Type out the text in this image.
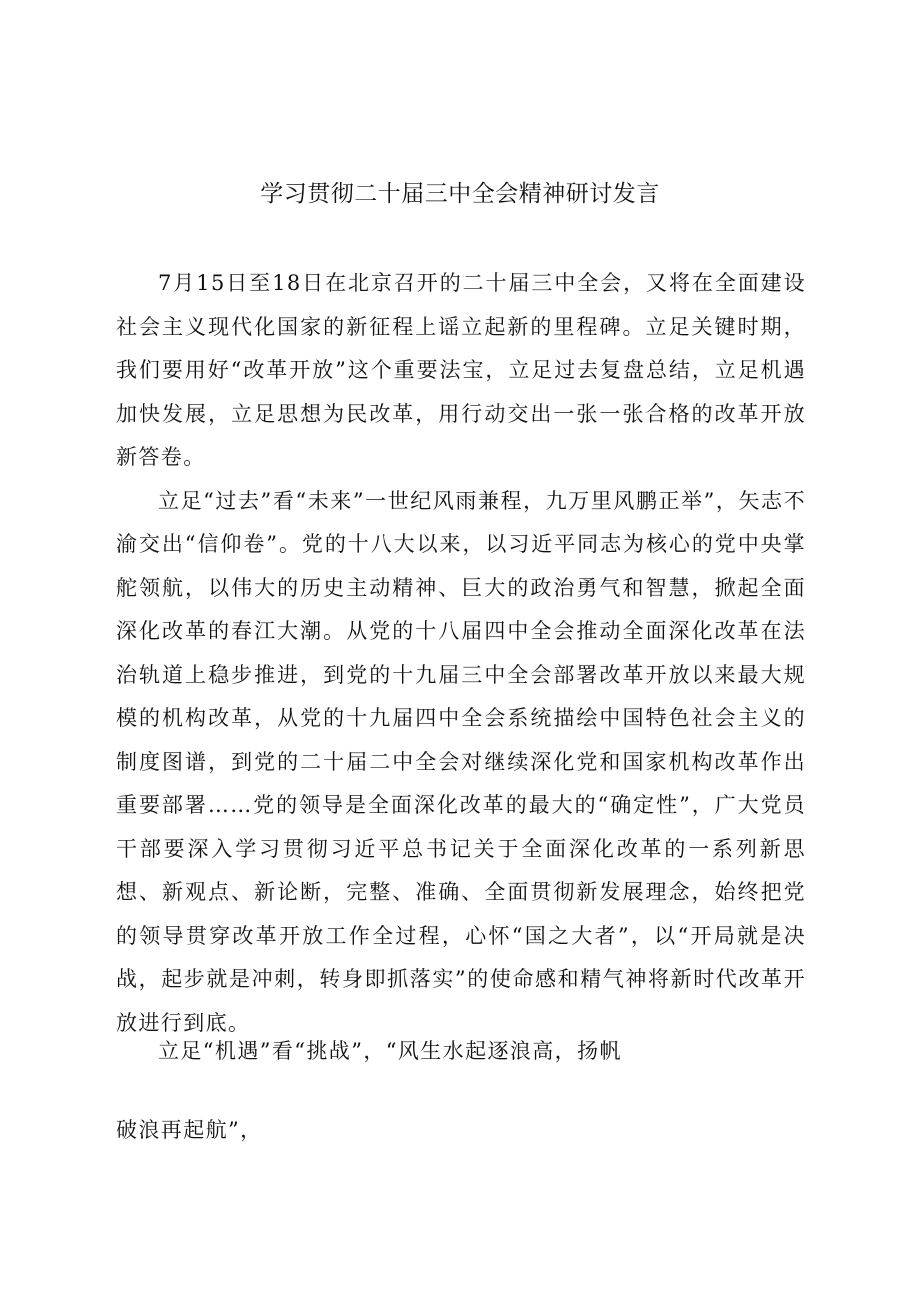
学习贯彻二十届三中全会精神研讨发言

7月15日至18日在北京召开的二十届三中全会，又将在全面建设社会主义现代化国家的新征程上谣立起新的里程碑。立足关键时期，我们要用好“改革开放”这个重要法宝，立足过去复盘总结，立足机遇加快发展，立足思想为民改革，用行动交出一张一张合格的改革开放新答卷。

立足“过去”看“未来”一世纪风雨兼程，九万里风鹏正举”，矢志不渝交出“信仰卷”。党的十八大以来，以习近平同志为核心的党中央掌舵领航，以伟大的历史主动精神、巨大的政治勇气和智慧，掀起全面深化改革的春江大潮。从党的十八届四中全会推动全面深化改革在法治轨道上稳步推进，到党的十九届三中全会部署改革开放以来最大规模的机构改革，从党的十九届四中全会系统描绘中国特色社会主义的制度图谱，到党的二十届二中全会对继续深化党和国家机构改革作出重要部署……党的领导是全面深化改革的最大的“确定性”，广大党员干部要深入学习贯彻习近平总书记关于全面深化改革的一系列新思想、新观点、新论断，完整、准确、全面贯彻新发展理念，始终把党的领导贯穿改革开放工作全过程，心怀“国之大者”，以“开局就是决战，起步就是冲刺，转身即抓落实”的使命感和精气神将新时代改革开放进行到底。

立足“机遇”看“挑战”，“风生水起逐浪高，扬帆
破浪再起航”，
